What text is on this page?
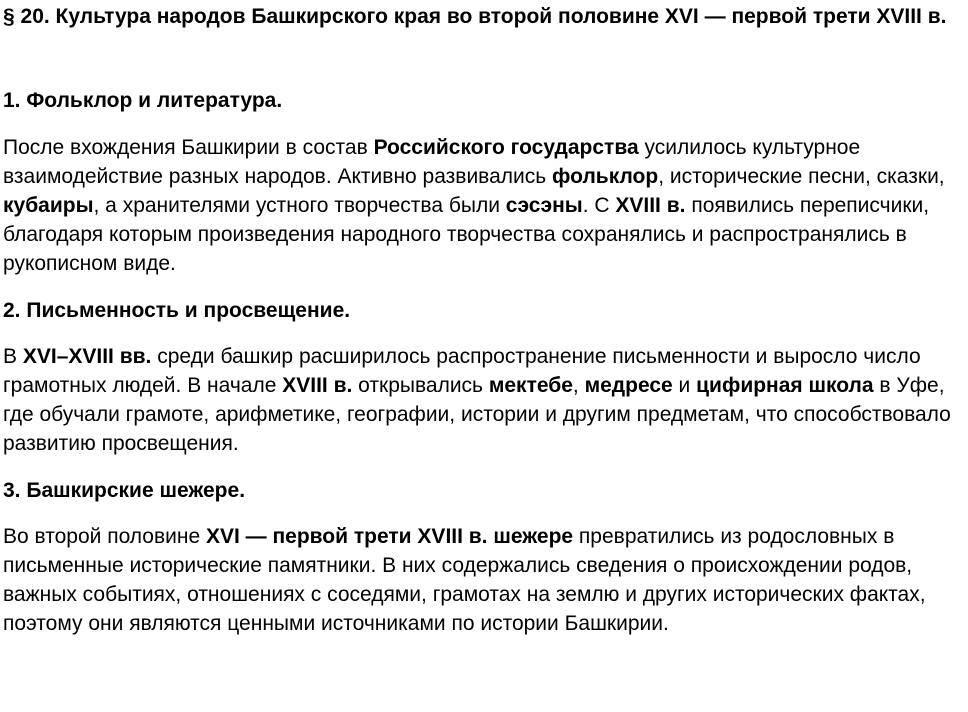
§ 20. Культура народов Башкирского края во второй половине XVI — первой трети XVIII в.
1. Фольклор и литература.

После вхождения Башкирии в состав Российского государства усилилось культурное взаимодействие разных народов. Активно развивались фольклор, исторические песни, сказки, кубаиры, а хранителями устного творчества были сэсэны. С XVIII в. появились переписчики, благодаря которым произведения народного творчества сохранялись и распространялись в рукописном виде.

2. Письменность и просвещение.

В XVI–XVIII вв. среди башкир расширилось распространение письменности и выросло число грамотных людей. В начале XVIII в. открывались мектебе, медресе и цифирная школа в Уфе, где обучали грамоте, арифметике, географии, истории и другим предметам, что способствовало развитию просвещения.

3. Башкирские шежере.

Во второй половине XVI — первой трети XVIII в. шежере превратились из родословных в письменные исторические памятники. В них содержались сведения о происхождении родов, важных событиях, отношениях с соседями, грамотах на землю и других исторических фактах, поэтому они являются ценными источниками по истории Башкирии.
